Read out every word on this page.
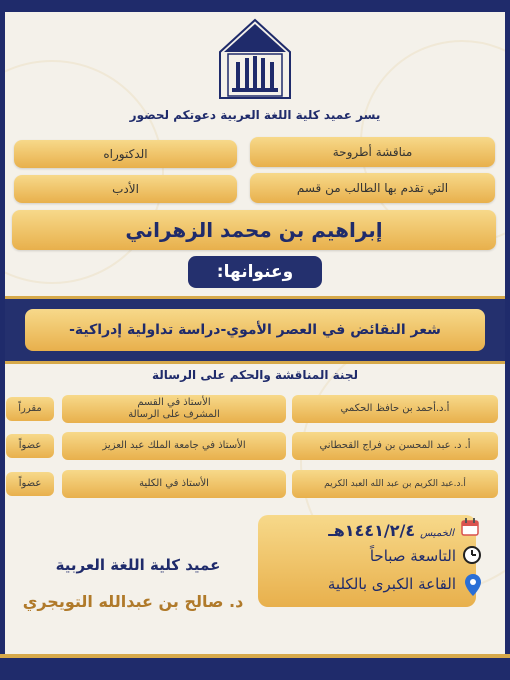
يسر عميد كلية اللغة العربية دعوتكم لحضور
مناقشة أطروحة
الدكتوراه
التي تقدم بها الطالب من قسم
الأدب
إبراهيم بن محمد الزهراني
وعنوانها:
شعر النقائض في العصر الأموي-دراسة تداولية إدراكية-
لجنة المناقشة والحكم على الرسالة
أ.د.أحمد بن حافظ الحكمي
الأستاذ في القسم
المشرف على الرسالة
مقرراً
أ. د. عبد المحسن بن فراج القحطاني
الأستاذ في جامعة الملك عبد العزيز
عضواً
أ.د.عبد الكريم بن عبد الله العبد الكريم
الأستاذ في الكلية
عضواً
الخميس ١٤٤١/٢/٤هـ
التاسعة صباحاً
القاعة الكبرى بالكلية
عميد كلية اللغة العربية
د. صالح بن عبدالله التويجري
